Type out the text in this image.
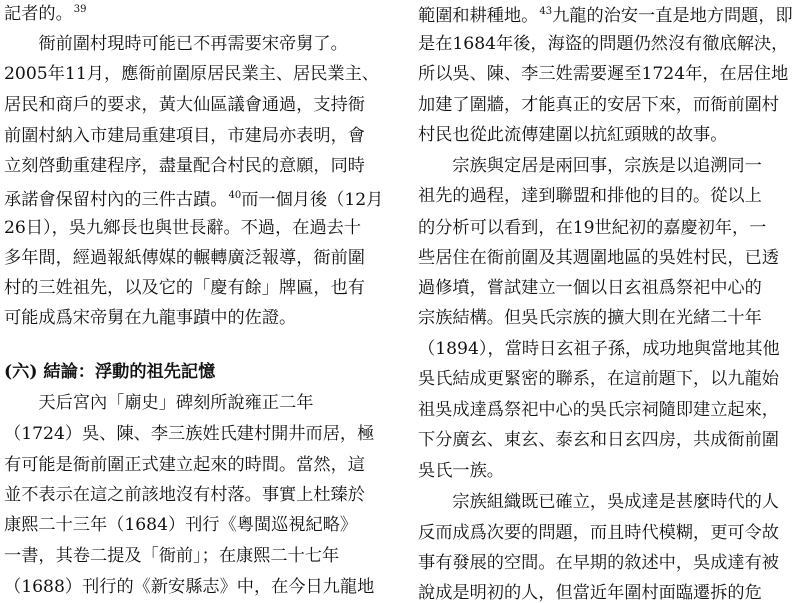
記者的。$^{39}$
　　衙前圍村現時可能已不再需要宋帝舅了。
2005年11月，應衙前圍原居民業主、居民業主、
居民和商戶的要求，黃大仙區議會通過，支持衙
前圍村納入市建局重建項目，市建局亦表明，會
立刻啓動重建程序，盡量配合村民的意願，同時
承諾會保留村內的三件古蹟。$^{40}$而一個月後（12月
26日），吳九鄉長也與世長辭。不過，在過去十
多年間，經過報紙傳媒的輾轉廣泛報導，衙前圍
村的三姓祖先，以及它的「慶有餘」牌匾，也有
可能成爲宋帝舅在九龍事蹟中的佐證。
(六) 結論：浮動的祖先記憶
　　天后宮內「廟史」碑刻所說雍正二年
（1724）吳、陳、李三族姓氏建村開井而居，極
有可能是衙前圍正式建立起來的時間。當然，這
並不表示在這之前該地沒有村落。事實上杜臻於
康熙二十三年（1684）刊行《粵閩巡視紀略》
一書，其卷二提及「衙前」；在康熙二十七年
（1688）刊行的《新安縣志》中，在今日九龍地
範圍和耕種地。$^{43}$九龍的治安一直是地方問題，即
是在1684年後，海盜的問題仍然沒有徹底解決，
所以吳、陳、李三姓需要遲至1724年，在居住地
加建了圍牆，才能真正的安居下來，而衙前圍村
村民也從此流傳建圍以抗紅頭賊的故事。
　　宗族與定居是兩回事，宗族是以追溯同一
祖先的過程，達到聯盟和排他的目的。從以上
的分析可以看到，在19世紀初的嘉慶初年，一
些居住在衙前圍及其週圍地區的吳姓村民，已透
過修墳，嘗試建立一個以日玄祖爲祭祀中心的
宗族結構。但吳氏宗族的擴大則在光緒二十年
（1894），當時日玄祖子孫，成功地與當地其他
吳氏結成更緊密的聯系，在這前題下，以九龍始
祖吳成達爲祭祀中心的吳氏宗祠隨即建立起來，
下分廣玄、東玄、泰玄和日玄四房，共成衙前圍
吳氏一族。
　　宗族組織既已確立，吳成達是甚麼時代的人
反而成爲次要的問題，而且時代模糊，更可令故
事有發展的空間。在早期的敘述中，吳成達有被
說成是明初的人，但當近年圍村面臨遷拆的危
